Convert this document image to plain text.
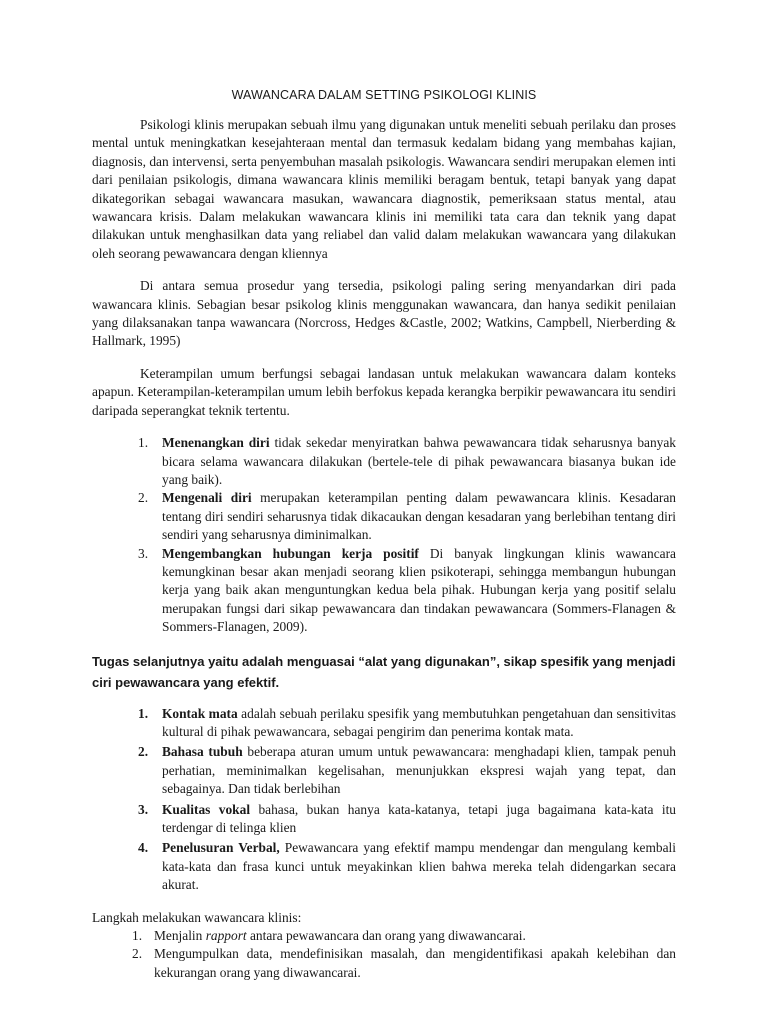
WAWANCARA DALAM SETTING PSIKOLOGI KLINIS

Psikologi klinis merupakan sebuah ilmu yang digunakan untuk meneliti sebuah perilaku dan proses mental untuk meningkatkan kesejahteraan mental dan termasuk kedalam bidang yang membahas kajian, diagnosis, dan intervensi, serta penyembuhan masalah psikologis. Wawancara sendiri merupakan elemen inti dari penilaian psikologis, dimana wawancara klinis memiliki beragam bentuk, tetapi banyak yang dapat dikategorikan sebagai wawancara masukan, wawancara diagnostik, pemeriksaan status mental, atau wawancara krisis. Dalam melakukan wawancara klinis ini memiliki tata cara dan teknik yang dapat dilakukan untuk menghasilkan data yang reliabel dan valid dalam melakukan wawancara yang dilakukan oleh seorang pewawancara dengan kliennya

Di antara semua prosedur yang tersedia, psikologi paling sering menyandarkan diri pada wawancara klinis. Sebagian besar psikolog klinis menggunakan wawancara, dan hanya sedikit penilaian yang dilaksanakan tanpa wawancara (Norcross, Hedges &Castle, 2002; Watkins, Campbell, Nierberding & Hallmark, 1995)

Keterampilan umum berfungsi sebagai landasan untuk melakukan wawancara dalam konteks apapun. Keterampilan-keterampilan umum lebih berfokus kepada kerangka berpikir pewawancara itu sendiri daripada seperangkat teknik tertentu.

1. Menenangkan diri tidak sekedar menyiratkan bahwa pewawancara tidak seharusnya banyak bicara selama wawancara dilakukan (bertele-tele di pihak pewawancara biasanya bukan ide yang baik).
2. Mengenali diri merupakan keterampilan penting dalam pewawancara klinis. Kesadaran tentang diri sendiri seharusnya tidak dikacaukan dengan kesadaran yang berlebihan tentang diri sendiri yang seharusnya diminimalkan.
3. Mengembangkan hubungan kerja positif Di banyak lingkungan klinis wawancara kemungkinan besar akan menjadi seorang klien psikoterapi, sehingga membangun hubungan kerja yang baik akan menguntungkan kedua bela pihak. Hubungan kerja yang positif selalu merupakan fungsi dari sikap pewawancara dan tindakan pewawancara (Sommers-Flanagen & Sommers-Flanagen, 2009).

Tugas selanjutnya yaitu adalah menguasai “alat yang digunakan”, sikap spesifik yang menjadi ciri pewawancara yang efektif.

1. Kontak mata adalah sebuah perilaku spesifik yang membutuhkan pengetahuan dan sensitivitas kultural di pihak pewawancara, sebagai pengirim dan penerima kontak mata.
2. Bahasa tubuh beberapa aturan umum untuk pewawancara: menghadapi klien, tampak penuh perhatian, meminimalkan kegelisahan, menunjukkan ekspresi wajah yang tepat, dan sebagainya. Dan tidak berlebihan
3. Kualitas vokal bahasa, bukan hanya kata-katanya, tetapi juga bagaimana kata-kata itu terdengar di telinga klien
4. Penelusuran Verbal, Pewawancara yang efektif mampu mendengar dan mengulang kembali kata-kata dan frasa kunci untuk meyakinkan klien bahwa mereka telah didengarkan secara akurat.

Langkah melakukan wawancara klinis:

1. Menjalin rapport antara pewawancara dan orang yang diwawancarai.
2. Mengumpulkan data, mendefinisikan masalah, dan mengidentifikasi apakah kelebihan dan kekurangan orang yang diwawancarai.
